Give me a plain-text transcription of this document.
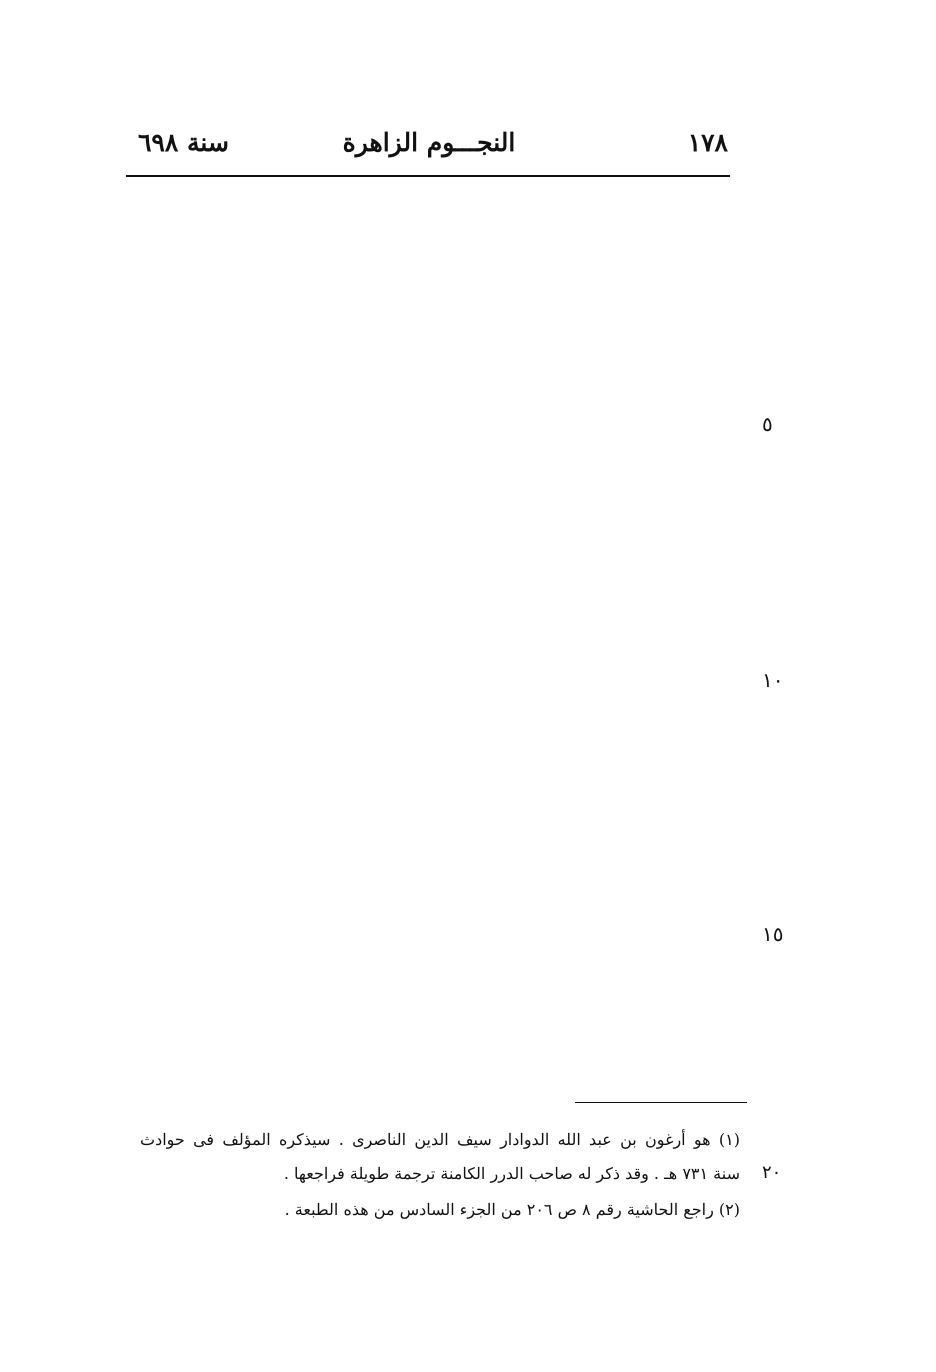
سنة ٦٩٨	النجـــوم الزاهرة	١٧٨
٥
١٠
١٥
(١) هو أرغون بن عبد الله الدوادار سيف الدين الناصرى . سيذكره المؤلف فى حوادث
سنة ٧٣١ هـ . وقد ذكر له صاحب الدرر الكامنة ترجمة طويلة فراجعها .
(٢) راجع الحاشية رقم ٨ ص ٢٠٦ من الجزء السادس من هذه الطبعة .
٢٠
